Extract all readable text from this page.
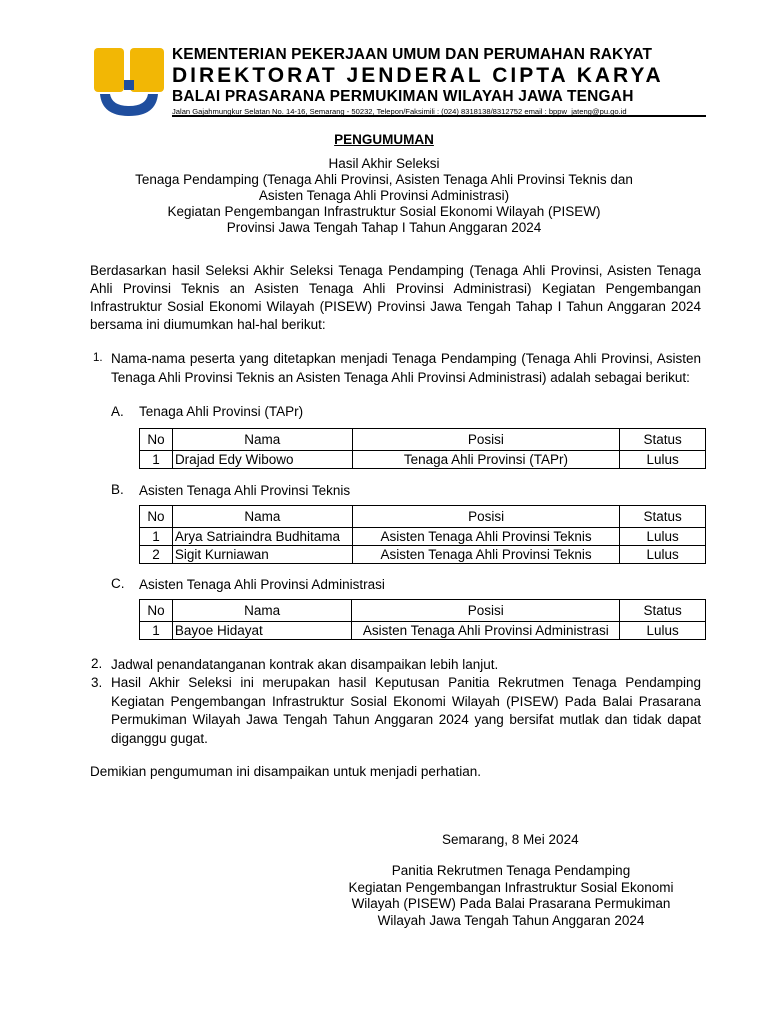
KEMENTERIAN PEKERJAAN UMUM DAN PERUMAHAN RAKYAT
DIREKTORAT JENDERAL CIPTA KARYA
BALAI PRASARANA PERMUKIMAN WILAYAH JAWA TENGAH
Jalan Gajahmungkur Selatan No. 14-16, Semarang - 50232, Telepon/Faksimili : (024) 8318138/8312752 email : bppw_jateng@pu.go.id
PENGUMUMAN
Hasil Akhir Seleksi
Tenaga Pendamping (Tenaga Ahli Provinsi, Asisten Tenaga Ahli Provinsi Teknis dan
Asisten Tenaga Ahli Provinsi Administrasi)
Kegiatan Pengembangan Infrastruktur Sosial Ekonomi Wilayah (PISEW)
Provinsi Jawa Tengah Tahap I Tahun Anggaran 2024
Berdasarkan hasil Seleksi Akhir Seleksi Tenaga Pendamping (Tenaga Ahli Provinsi, Asisten Tenaga Ahli Provinsi Teknis an Asisten Tenaga Ahli Provinsi Administrasi) Kegiatan Pengembangan Infrastruktur Sosial Ekonomi Wilayah (PISEW) Provinsi Jawa Tengah Tahap I Tahun Anggaran 2024 bersama ini diumumkan hal-hal berikut:
1. Nama-nama peserta yang ditetapkan menjadi Tenaga Pendamping (Tenaga Ahli Provinsi, Asisten Tenaga Ahli Provinsi Teknis an Asisten Tenaga Ahli Provinsi Administrasi) adalah sebagai berikut:
A. Tenaga Ahli Provinsi (TAPr)
No	Nama	Posisi	Status
1	Drajad Edy Wibowo	Tenaga Ahli Provinsi (TAPr)	Lulus
B. Asisten Tenaga Ahli Provinsi Teknis
No	Nama	Posisi	Status
1	Arya Satriaindra Budhitama	Asisten Tenaga Ahli Provinsi Teknis	Lulus
2	Sigit Kurniawan	Asisten Tenaga Ahli Provinsi Teknis	Lulus
C. Asisten Tenaga Ahli Provinsi Administrasi
No	Nama	Posisi	Status
1	Bayoe Hidayat	Asisten Tenaga Ahli Provinsi Administrasi	Lulus
2. Jadwal penandatanganan kontrak akan disampaikan lebih lanjut.
3. Hasil Akhir Seleksi ini merupakan hasil Keputusan Panitia Rekrutmen Tenaga Pendamping Kegiatan Pengembangan Infrastruktur Sosial Ekonomi Wilayah (PISEW) Pada Balai Prasarana Permukiman Wilayah Jawa Tengah Tahun Anggaran 2024 yang bersifat mutlak dan tidak dapat diganggu gugat.
Demikian pengumuman ini disampaikan untuk menjadi perhatian.
Semarang, 8 Mei 2024
Panitia Rekrutmen Tenaga Pendamping
Kegiatan Pengembangan Infrastruktur Sosial Ekonomi
Wilayah (PISEW) Pada Balai Prasarana Permukiman
Wilayah Jawa Tengah Tahun Anggaran 2024
